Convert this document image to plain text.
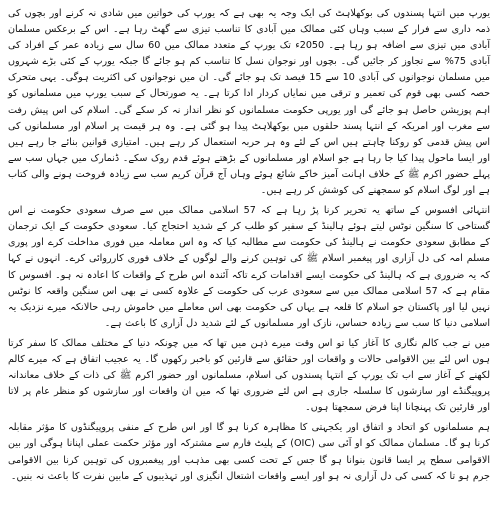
یورپ میں انتہا پسندوں کی بوکھلاہٹ کی ایک وجہ یہ بھی ہے کہ یورپ کی خواتین میں شادی نہ کرنے اور بچوں کی ذمہ داری سے فرار کے سبب وہاں کئی ممالک میں آبادی کا تناسب تیزی سے گھٹ رہا ہے۔ اس کے برعکس مسلمان آبادی میں تیزی سے اضافہ ہو رہا ہے۔ 2050ء تک یورپ کے متعدد ممالک میں 60 سال سے زیادہ عمر کے افراد کی آبادی 75% سے تجاوز کر جائیں گی۔ بچوں اور نوجوان نسل کا تناسب کم ہو جائے گا جبکہ یورپ کے کئی بڑے شہروں میں مسلمان نوجوانوں کی آبادی 10 سے 15 فیصد تک ہو جائے گی۔ ان میں نوجوانوں کی اکثریت ہوگی۔ یہی متحرک حصہ کسی بھی قوم کی تعمیر و ترقی میں نمایاں کردار ادا کرتا ہے۔ یہ صورتحال کے سبب یورپ میں مسلمانوں کو اہم پوزیشن حاصل ہو جائے گی اور یورپی حکومت مسلمانوں کو نظر انداز نہ کر سکے گی۔ اسلام کی اس پیش رفت سے مغرب اور امریکہ کے انتہا پسند حلقوں میں بوکھلاہٹ پیدا ہو گئی ہے۔ وہ ہر قیمت پر اسلام اور مسلمانوں کی اس پیش قدمی کو روکنا چاہتے ہیں اس کے لئے وہ ہر حربہ استعمال کر رہے ہیں۔ امتیازی قوانین بنائے جا رہے ہیں اور ایسا ماحول پیدا کیا جا رہا ہے جو اسلام اور مسلمانوں کے بڑھتے ہوئے قدم روک سکے۔ ڈنمارک میں جہاں سب سے پہلے حضور اکرم ﷺ کے خلاف اہانت آمیز خاکے شائع ہوئے وہاں آج قرآن کریم سب سے زیادہ فروخت ہونے والی کتاب ہے اور لوگ اسلام کو سمجھنے کی کوشش کر رہے ہیں۔

انتہائی افسوس کے ساتھ یہ تحریر کرنا پڑ رہا ہے کہ 57 اسلامی ممالک میں سے صرف سعودی حکومت نے اس گستاخی کا سنگین نوٹس لیتے ہوئے ہالینڈ کے سفیر کو طلب کر کے شدید احتجاج کیا۔ سعودی حکومت کے ایک ترجمان کے مطابق سعودی حکومت نے ہالینڈ کی حکومت سے مطالبہ کیا کہ وہ اس معاملہ میں فوری مداخلت کرے اور پوری مسلم امہ کی دل آزاری اور پیغمبر اسلام ﷺ کی توہین کرنے والے لوگوں کے خلاف فوری کارروائی کرے۔ انہوں نے کہا کہ یہ ضروری ہے کہ ہالینڈ کی حکومت ایسے اقدامات کرے تاکہ آئندہ اس طرح کے واقعات کا اعادہ نہ ہو۔ افسوس کا مقام ہے کہ 57 اسلامی ممالک میں سے سعودی عرب کی حکومت کے علاوہ کسی نے بھی اس سنگین واقعہ کا نوٹس نہیں لیا اور پاکستان جو اسلام کا قلعہ ہے یہاں کی حکومت بھی اس معاملے میں خاموش رہی حالانکہ میرے نزدیک یہ اسلامی دنیا کا سب سے زیادہ حساس، نازک اور مسلمانوں کے لئے شدید دل آزاری کا باعث ہے۔

میں نے جب کالم نگاری کا آغاز کیا تو اس وقت میرے ذہن میں تھا کہ میں چونکہ دنیا کے مختلف ممالک کا سفر کرتا ہوں اس لئے بین الاقوامی حالات و واقعات اور حقائق سے قارئین کو باخبر رکھوں گا۔ یہ عجیب اتفاق ہے کہ میرے کالم لکھنے کے آغاز سے اب تک یورپ کے انتہا پسندوں کی اسلام، مسلمانوں اور حضور اکرم ﷺ کی ذات کے خلاف معاندانہ پروپیگنڈے اور سازشوں کا سلسلہ جاری ہے اس لئے ضروری تھا کہ میں ان واقعات اور سازشوں کو منظر عام پر لاتا اور قارئین تک پہنچانا اپنا فرض سمجھتا ہوں۔

ہم مسلمانوں کو اتحاد و اتفاق اور یکجہتی کا مظاہرہ کرنا ہو گا اور اس طرح کے منفی پروپیگنڈوں کا مؤثر مقابلہ کرنا ہو گا۔ مسلمان ممالک کو او آئی سی (OIC) کے پلیٹ فارم سے مشترکہ اور مؤثر حکمت عملی اپنانا ہوگی اور بین الاقوامی سطح پر ایسا قانون بنوانا ہو گا جس کے تحت کسی بھی مذہب اور پیغمبروں کی توہین کرنا بین الاقوامی جرم ہو تا کہ کسی کی دل آزاری نہ ہو اور ایسے واقعات اشتعال انگیزی اور تہذیبوں کے مابین نفرت کا باعث نہ بنیں۔
